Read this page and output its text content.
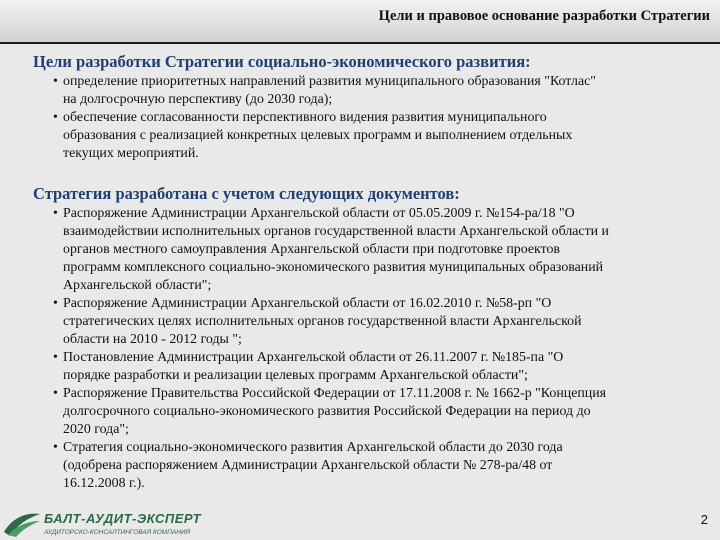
Цели и правовое основание разработки Стратегии
Цели разработки Стратегии социально-экономического развития:
• определение приоритетных направлений развития муниципального образования "Котлас"
на долгосрочную перспективу (до 2030 года);
• обеспечение согласованности перспективного видения развития муниципального
образования с реализацией конкретных целевых программ и выполнением отдельных
текущих мероприятий.
Стратегия разработана с учетом следующих документов:
• Распоряжение Администрации Архангельской области от 05.05.2009 г. №154-ра/18 "О
взаимодействии исполнительных органов государственной власти Архангельской области и
органов местного самоуправления Архангельской области при подготовке проектов
программ комплексного социально-экономического развития муниципальных образований
Архангельской области";
• Распоряжение Администрации Архангельской области от 16.02.2010 г. №58-рп "О
стратегических целях исполнительных органов государственной власти Архангельской
области на 2010 - 2012 годы ";
• Постановление Администрации Архангельской области от 26.11.2007 г. №185-па "О
порядке разработки и реализации целевых программ Архангельской области";
• Распоряжение Правительства Российской Федерации от 17.11.2008 г. № 1662-р "Концепция
долгосрочного социально-экономического развития Российской Федерации на период до
2020 года";
• Стратегия социально-экономического развития Архангельской области до 2030 года
(одобрена распоряжением Администрации Архангельской области № 278-ра/48 от
16.12.2008 г.).
БАЛТ-АУДИТ-ЭКСПЕРТ
АУДИТОРСКО-КОНСАЛТИНГОВАЯ КОМПАНИЯ
2
